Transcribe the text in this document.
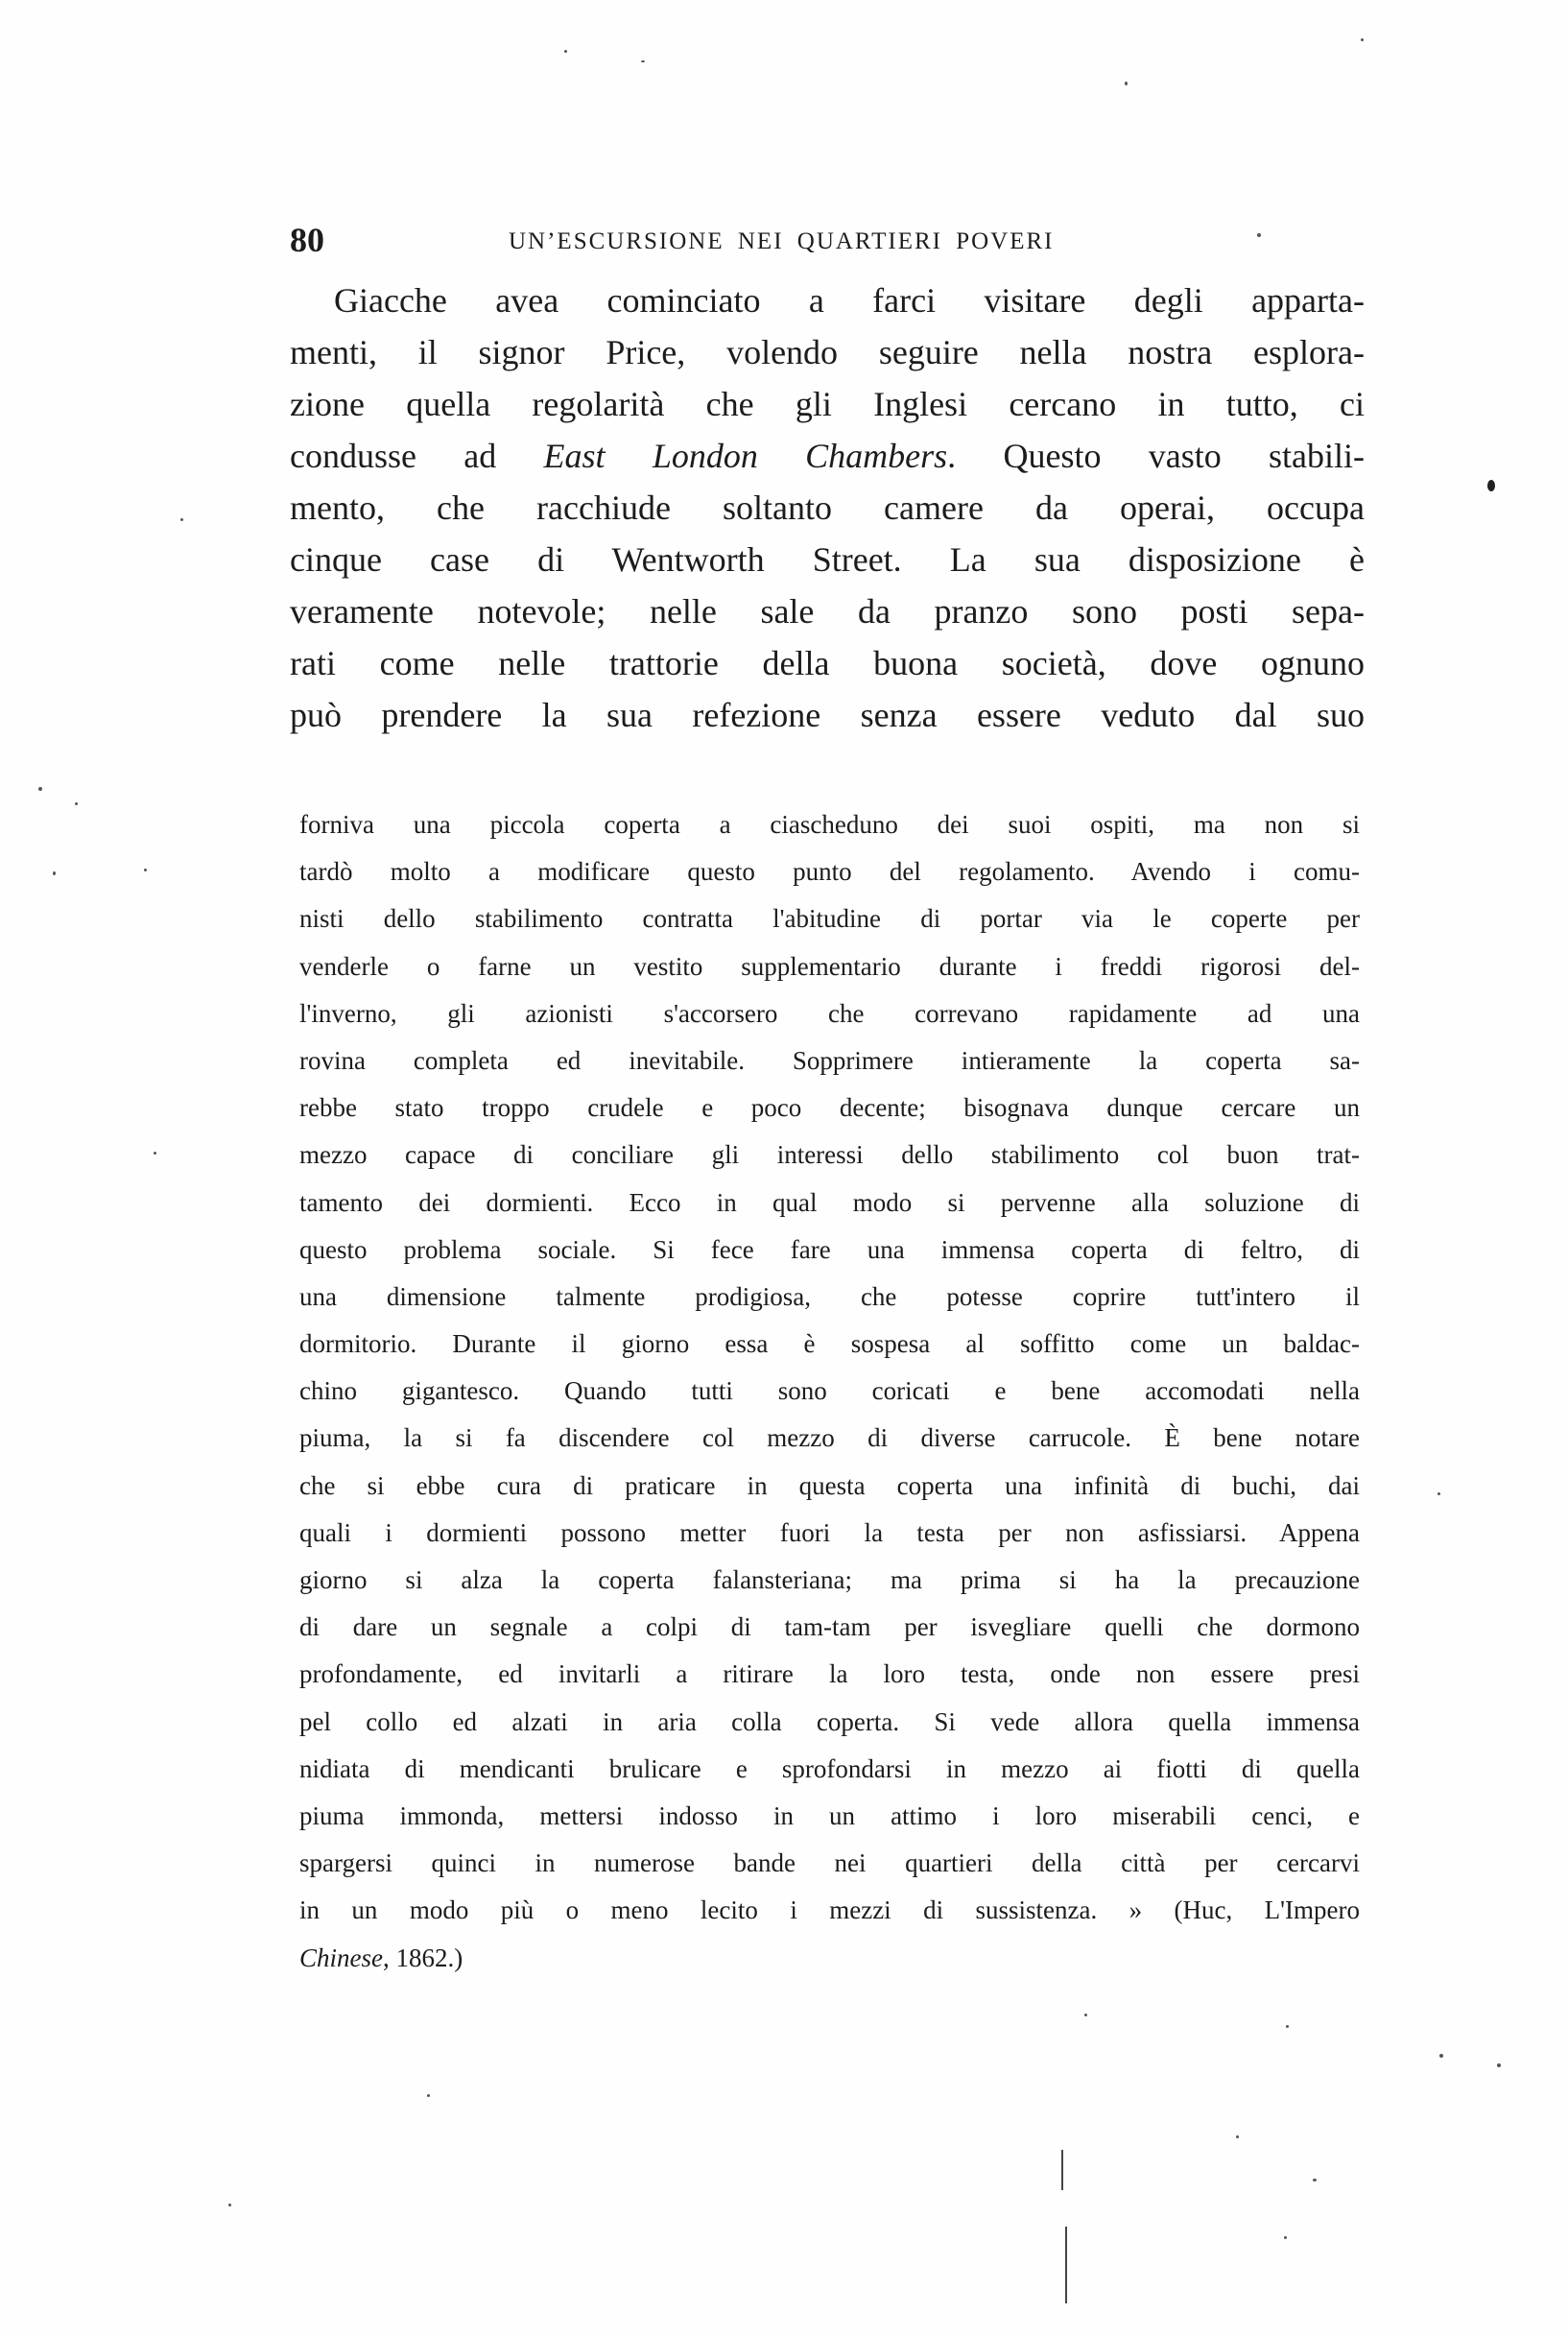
80	UN’ESCURSIONE NEI QUARTIERI POVERI
Giacche avea cominciato a farci visitare degli apparta-
menti, il signor Price, volendo seguire nella nostra esplora-
zione quella regolarità che gli Inglesi cercano in tutto, ci
condusse ad East London Chambers. Questo vasto stabili-
mento, che racchiude soltanto camere da operai, occupa
cinque case di Wentworth Street. La sua disposizione è
veramente notevole; nelle sale da pranzo sono posti sepa-
rati come nelle trattorie della buona società, dove ognuno
può prendere la sua refezione senza essere veduto dal suo
forniva una piccola coperta a ciascheduno dei suoi ospiti, ma non si
tardò molto a modificare questo punto del regolamento. Avendo i comu-
nisti dello stabilimento contratta l'abitudine di portar via le coperte per
venderle o farne un vestito supplementario durante i freddi rigorosi del-
l'inverno, gli azionisti s'accorsero che correvano rapidamente ad una
rovina completa ed inevitabile. Sopprimere intieramente la coperta sa-
rebbe stato troppo crudele e poco decente; bisognava dunque cercare un
mezzo capace di conciliare gli interessi dello stabilimento col buon trat-
tamento dei dormienti. Ecco in qual modo si pervenne alla soluzione di
questo problema sociale. Si fece fare una immensa coperta di feltro, di
una dimensione talmente prodigiosa, che potesse coprire tutt'intero il
dormitorio. Durante il giorno essa è sospesa al soffitto come un baldac-
chino gigantesco. Quando tutti sono coricati e bene accomodati nella
piuma, la si fa discendere col mezzo di diverse carrucole. È bene notare
che si ebbe cura di praticare in questa coperta una infinità di buchi, dai
quali i dormienti possono metter fuori la testa per non asfissiarsi. Appena
giorno si alza la coperta falansteriana; ma prima si ha la precauzione
di dare un segnale a colpi di tam-tam per isvegliare quelli che dormono
profondamente, ed invitarli a ritirare la loro testa, onde non essere presi
pel collo ed alzati in aria colla coperta. Si vede allora quella immensa
nidiata di mendicanti brulicare e sprofondarsi in mezzo ai fiotti di quella
piuma immonda, mettersi indosso in un attimo i loro miserabili cenci, e
spargersi quinci in numerose bande nei quartieri della città per cercarvi
in un modo più o meno lecito i mezzi di sussistenza. » (Huc, L'Impero
Chinese, 1862.)
